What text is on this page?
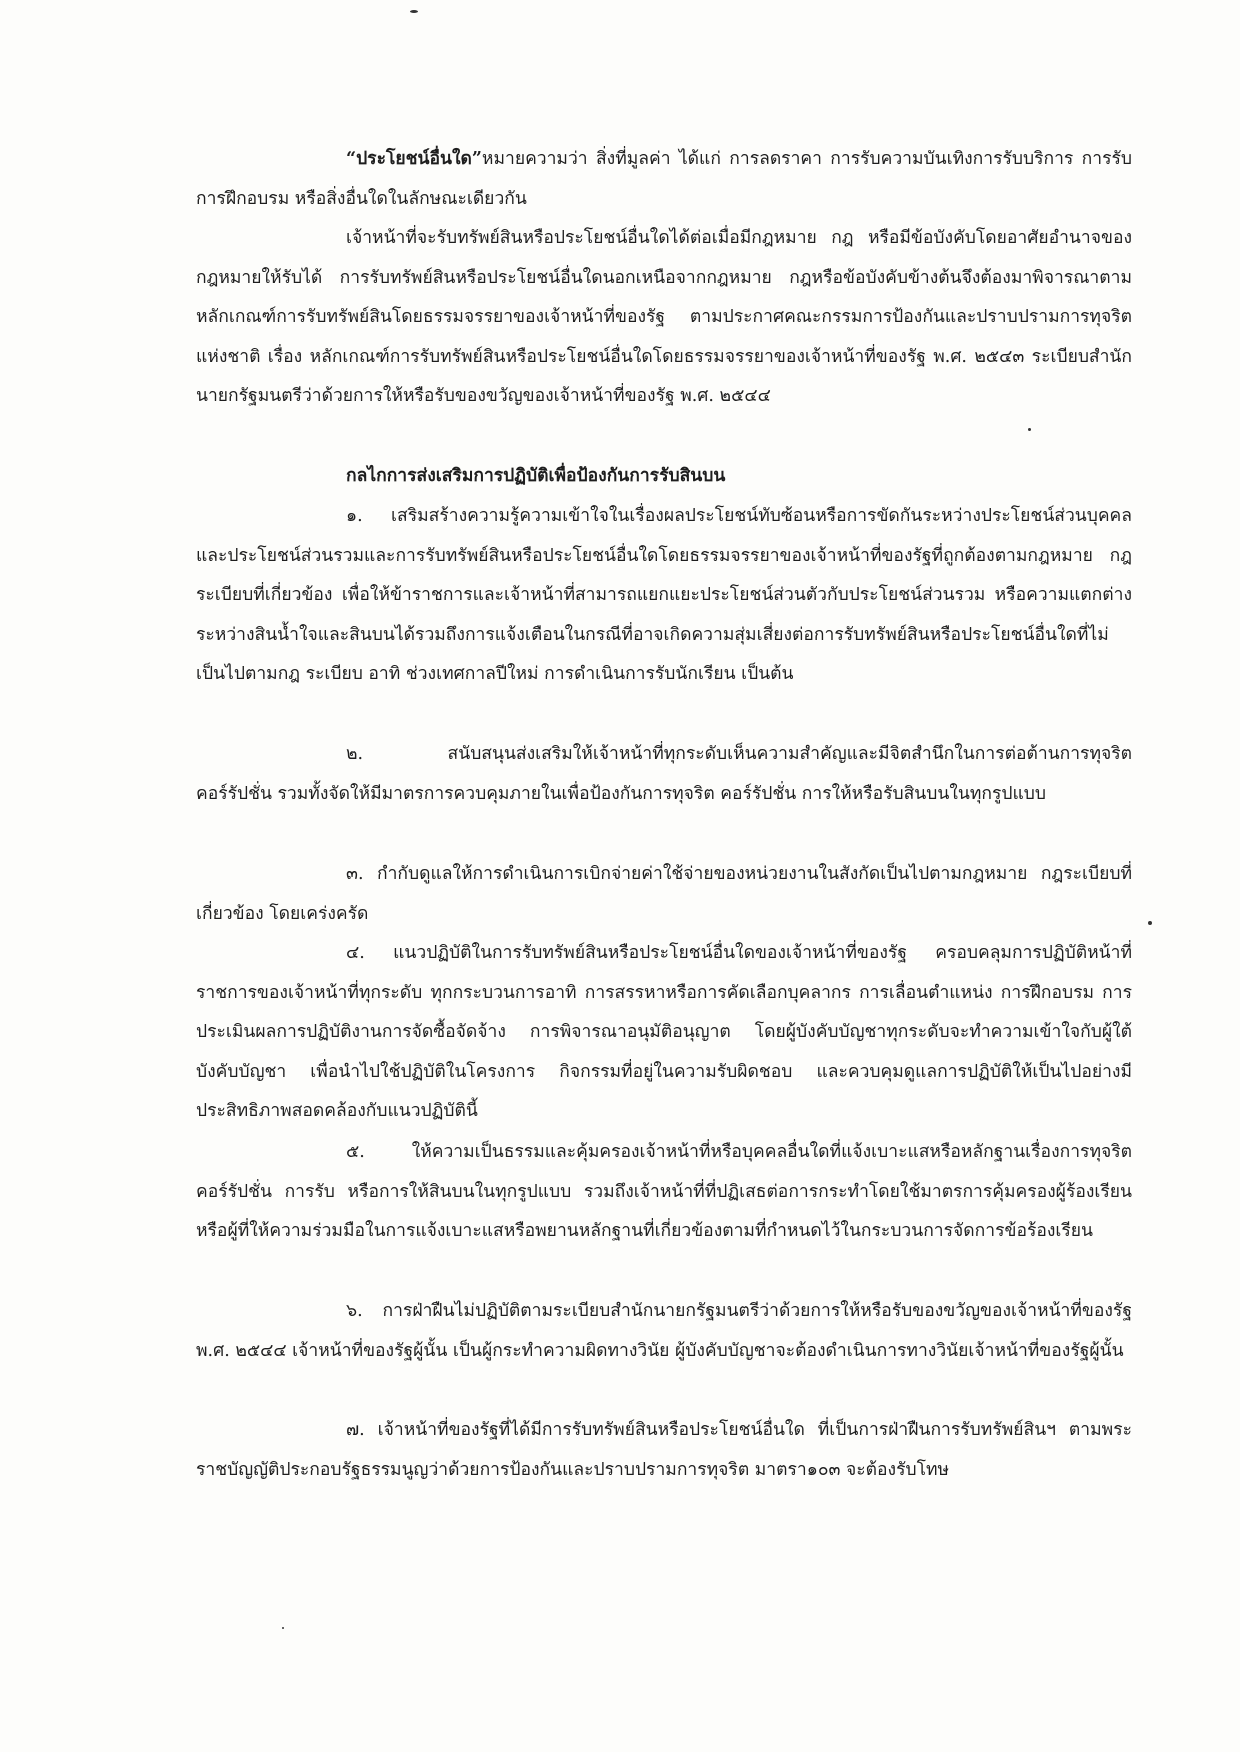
“ประโยชน์อื่นใด”หมายความว่า สิ่งที่มูลค่า ได้แก่ การลดราคา การรับความบันเทิงการรับบริการ การรับการฝึกอบรม หรือสิ่งอื่นใดในลักษณะเดียวกัน

เจ้าหน้าที่จะรับทรัพย์สินหรือประโยชน์อื่นใดได้ต่อเมื่อมีกฎหมาย กฎ หรือมีข้อบังคับโดยอาศัยอำนาจของกฎหมายให้รับได้ การรับทรัพย์สินหรือประโยชน์อื่นใดนอกเหนือจากกฎหมาย กฎหรือข้อบังคับข้างต้นจึงต้องมาพิจารณาตามหลักเกณฑ์การรับทรัพย์สินโดยธรรมจรรยาของเจ้าหน้าที่ของรัฐ ตามประกาศคณะกรรมการป้องกันและปราบปรามการทุจริตแห่งชาติ เรื่อง หลักเกณฑ์การรับทรัพย์สินหรือประโยชน์อื่นใดโดยธรรมจรรยาของเจ้าหน้าที่ของรัฐ พ.ศ. ๒๕๔๓ ระเบียบสำนักนายกรัฐมนตรีว่าด้วยการให้หรือรับของขวัญของเจ้าหน้าที่ของรัฐ พ.ศ. ๒๕๔๔

กลไกการส่งเสริมการปฏิบัติเพื่อป้องกันการรับสินบน

๑. เสริมสร้างความรู้ความเข้าใจในเรื่องผลประโยชน์ทับซ้อนหรือการขัดกันระหว่างประโยชน์ส่วนบุคคลและประโยชน์ส่วนรวมและการรับทรัพย์สินหรือประโยชน์อื่นใดโดยธรรมจรรยาของเจ้าหน้าที่ของรัฐที่ถูกต้องตามกฎหมาย กฎระเบียบที่เกี่ยวข้อง เพื่อให้ข้าราชการและเจ้าหน้าที่สามารถแยกแยะประโยชน์ส่วนตัวกับประโยชน์ส่วนรวม หรือความแตกต่างระหว่างสินน้ำใจและสินบนได้รวมถึงการแจ้งเตือนในกรณีที่อาจเกิดความสุ่มเสี่ยงต่อการรับทรัพย์สินหรือประโยชน์อื่นใดที่ไม่เป็นไปตามกฎ ระเบียบ อาทิ ช่วงเทศกาลปีใหม่ การดำเนินการรับนักเรียน เป็นต้น

๒. สนับสนุนส่งเสริมให้เจ้าหน้าที่ทุกระดับเห็นความสำคัญและมีจิตสำนึกในการต่อต้านการทุจริต คอร์รัปชั่น รวมทั้งจัดให้มีมาตรการควบคุมภายในเพื่อป้องกันการทุจริต คอร์รัปชั่น การให้หรือรับสินบนในทุกรูปแบบ

๓. กำกับดูแลให้การดำเนินการเบิกจ่ายค่าใช้จ่ายของหน่วยงานในสังกัดเป็นไปตามกฎหมาย กฎระเบียบที่เกี่ยวข้อง โดยเคร่งครัด

๔. แนวปฏิบัติในการรับทรัพย์สินหรือประโยชน์อื่นใดของเจ้าหน้าที่ของรัฐ ครอบคลุมการปฏิบัติหน้าที่ราชการของเจ้าหน้าที่ทุกระดับ ทุกกระบวนการอาทิ การสรรหาหรือการคัดเลือกบุคลากร การเลื่อนตำแหน่ง การฝึกอบรม การประเมินผลการปฏิบัติงานการจัดซื้อจัดจ้าง การพิจารณาอนุมัติอนุญาต โดยผู้บังคับบัญชาทุกระดับจะทำความเข้าใจกับผู้ใต้บังคับบัญชา เพื่อนำไปใช้ปฏิบัติในโครงการ กิจกรรมที่อยู่ในความรับผิดชอบ และควบคุมดูแลการปฏิบัติให้เป็นไปอย่างมีประสิทธิภาพสอดคล้องกับแนวปฏิบัตินี้

๕. ให้ความเป็นธรรมและคุ้มครองเจ้าหน้าที่หรือบุคคลอื่นใดที่แจ้งเบาะแสหรือหลักฐานเรื่องการทุจริตคอร์รัปชั่น การรับ หรือการให้สินบนในทุกรูปแบบ รวมถึงเจ้าหน้าที่ที่ปฏิเสธต่อการกระทำโดยใช้มาตรการคุ้มครองผู้ร้องเรียน หรือผู้ที่ให้ความร่วมมือในการแจ้งเบาะแสหรือพยานหลักฐานที่เกี่ยวข้องตามที่กำหนดไว้ในกระบวนการจัดการข้อร้องเรียน

๖. การฝ่าฝืนไม่ปฏิบัติตามระเบียบสำนักนายกรัฐมนตรีว่าด้วยการให้หรือรับของขวัญของเจ้าหน้าที่ของรัฐ พ.ศ. ๒๕๔๔ เจ้าหน้าที่ของรัฐผู้นั้น เป็นผู้กระทำความผิดทางวินัย ผู้บังคับบัญชาจะต้องดำเนินการทางวินัยเจ้าหน้าที่ของรัฐผู้นั้น

๗. เจ้าหน้าที่ของรัฐที่ได้มีการรับทรัพย์สินหรือประโยชน์อื่นใด ที่เป็นการฝ่าฝืนการรับทรัพย์สินฯ ตามพระราชบัญญัติประกอบรัฐธรรมนูญว่าด้วยการป้องกันและปราบปรามการทุจริต มาตรา๑๐๓ จะต้องรับโทษ
